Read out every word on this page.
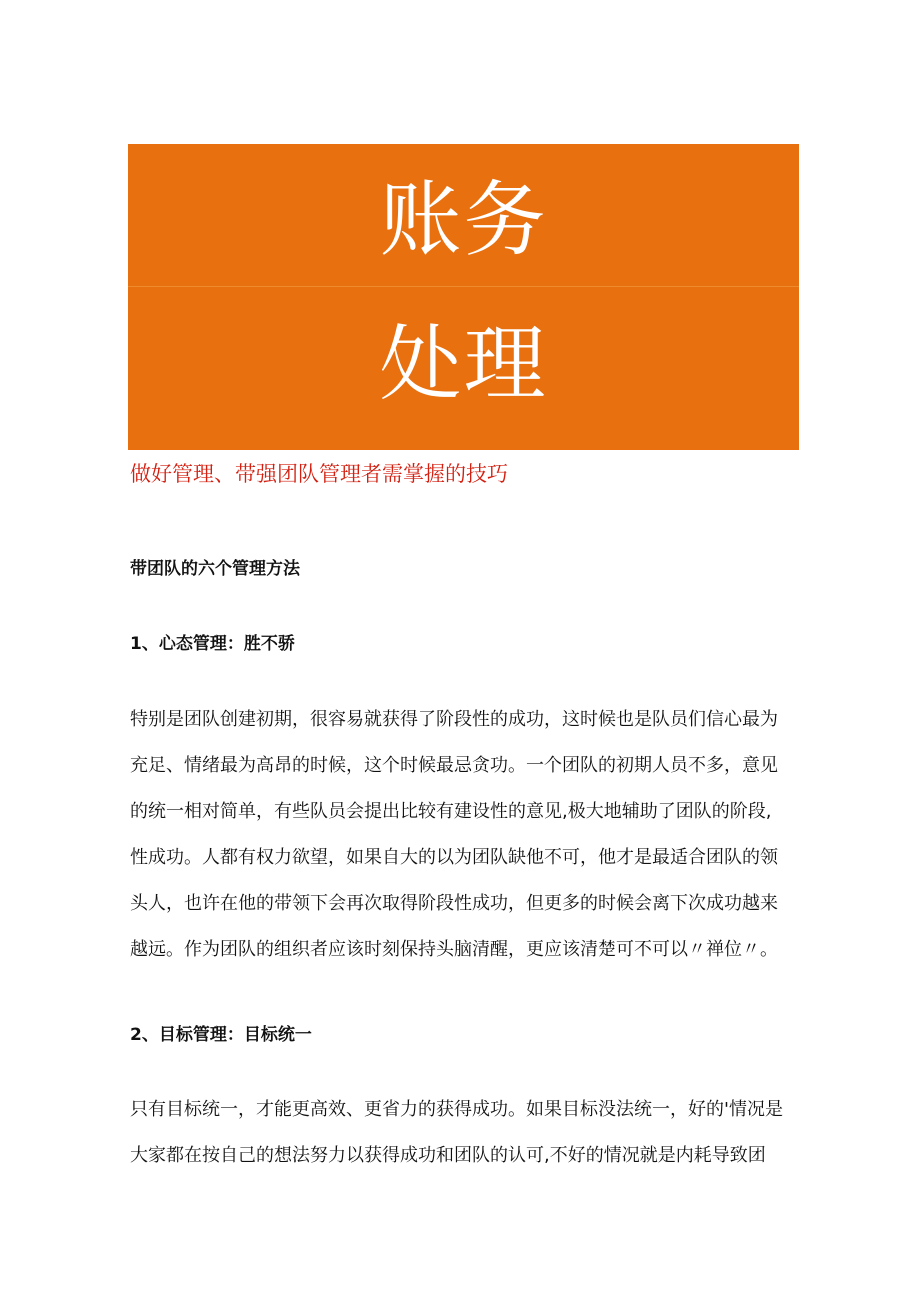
账务
处理
做好管理、带强团队管理者需掌握的技巧
带团队的六个管理方法
1、心态管理：胜不骄
特别是团队创建初期，很容易就获得了阶段性的成功，这时候也是队员们信心最为
充足、情绪最为高昂的时候，这个时候最忌贪功。一个团队的初期人员不多，意见
的统一相对简单，有些队员会提出比较有建设性的意见,极大地辅助了团队的阶段,
性成功。人都有权力欲望，如果自大的以为团队缺他不可，他才是最适合团队的领
头人，也许在他的带领下会再次取得阶段性成功，但更多的时候会离下次成功越来
越远。作为团队的组织者应该时刻保持头脑清醒，更应该清楚可不可以〃禅位〃。
2、目标管理：目标统一
只有目标统一，才能更高效、更省力的获得成功。如果目标没法统一，好的'情况是
大家都在按自己的想法努力以获得成功和团队的认可,不好的情况就是内耗导致团
